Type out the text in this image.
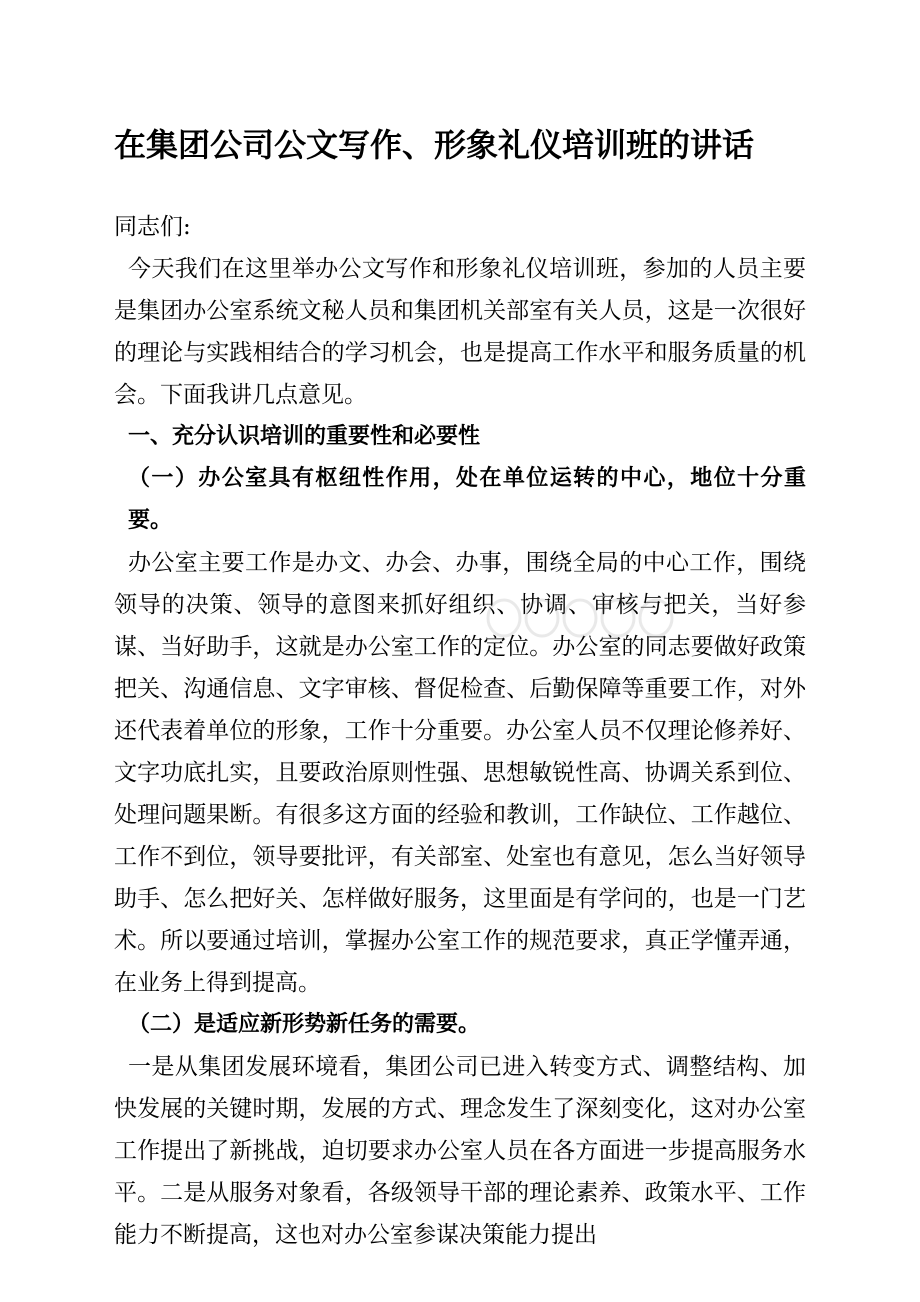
在集团公司公文写作、形象礼仪培训班的讲话

同志们:

今天我们在这里举办公文写作和形象礼仪培训班，参加的人员主要是集团办公室系统文秘人员和集团机关部室有关人员，这是一次很好的理论与实践相结合的学习机会，也是提高工作水平和服务质量的机会。下面我讲几点意见。

一、充分认识培训的重要性和必要性

（一）办公室具有枢纽性作用，处在单位运转的中心，地位十分重要。

办公室主要工作是办文、办会、办事，围绕全局的中心工作，围绕领导的决策、领导的意图来抓好组织、协调、审核与把关，当好参谋、当好助手，这就是办公室工作的定位。办公室的同志要做好政策把关、沟通信息、文字审核、督促检查、后勤保障等重要工作，对外还代表着单位的形象，工作十分重要。办公室人员不仅理论修养好、文字功底扎实，且要政治原则性强、思想敏锐性高、协调关系到位、处理问题果断。有很多这方面的经验和教训，工作缺位、工作越位、工作不到位，领导要批评，有关部室、处室也有意见，怎么当好领导助手、怎么把好关、怎样做好服务，这里面是有学问的，也是一门艺术。所以要通过培训，掌握办公室工作的规范要求，真正学懂弄通，在业务上得到提高。

（二）是适应新形势新任务的需要。

一是从集团发展环境看，集团公司已进入转变方式、调整结构、加快发展的关键时期，发展的方式、理念发生了深刻变化，这对办公室工作提出了新挑战，迫切要求办公室人员在各方面进一步提高服务水平。二是从服务对象看，各级领导干部的理论素养、政策水平、工作能力不断提高，这也对办公室参谋决策能力提出
